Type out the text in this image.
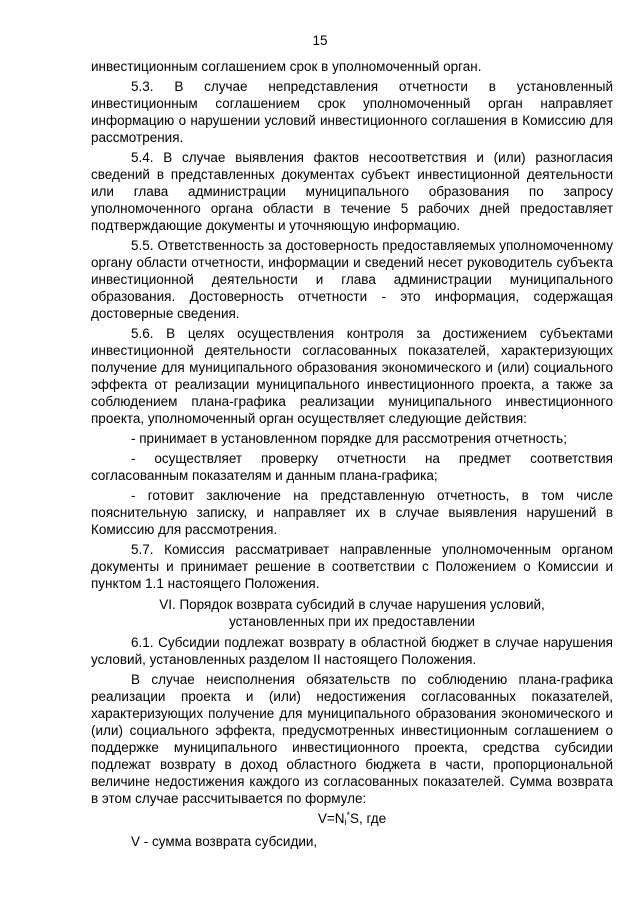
15

инвестиционным соглашением срок в уполномоченный орган.

5.3. В случае непредставления отчетности в установленный инвестиционным соглашением срок уполномоченный орган направляет информацию о нарушении условий инвестиционного соглашения в Комиссию для рассмотрения.

5.4. В случае выявления фактов несоответствия и (или) разногласия сведений в представленных документах субъект инвестиционной деятельности или глава администрации муниципального образования по запросу уполномоченного органа области в течение 5 рабочих дней предоставляет подтверждающие документы и уточняющую информацию.

5.5. Ответственность за достоверность предоставляемых уполномоченному органу области отчетности, информации и сведений несет руководитель субъекта инвестиционной деятельности и глава администрации муниципального образования. Достоверность отчетности - это информация, содержащая достоверные сведения.

5.6. В целях осуществления контроля за достижением субъектами инвестиционной деятельности согласованных показателей, характеризующих получение для муниципального образования экономического и (или) социального эффекта от реализации муниципального инвестиционного проекта, а также за соблюдением плана-графика реализации муниципального инвестиционного проекта, уполномоченный орган осуществляет следующие действия:

- принимает в установленном порядке для рассмотрения отчетность;

- осуществляет проверку отчетности на предмет соответствия согласованным показателям и данным плана-графика;

- готовит заключение на представленную отчетность, в том числе пояснительную записку, и направляет их в случае выявления нарушений в Комиссию для рассмотрения.

5.7. Комиссия рассматривает направленные уполномоченным органом документы и принимает решение в соответствии с Положением о Комиссии и пунктом 1.1 настоящего Положения.

VI. Порядок возврата субсидий в случае нарушения условий,
установленных при их предоставлении

6.1. Субсидии подлежат возврату в областной бюджет в случае нарушения условий, установленных разделом II настоящего Положения.

В случае неисполнения обязательств по соблюдению плана-графика реализации проекта и (или) недостижения согласованных показателей, характеризующих получение для муниципального образования экономического и (или) социального эффекта, предусмотренных инвестиционным соглашением о поддержке муниципального инвестиционного проекта, средства субсидии подлежат возврату в доход областного бюджета в части, пропорциональной величине недостижения каждого из согласованных показателей. Сумма возврата в этом случае рассчитывается по формуле:

$V=N_i^*S$, где

V - сумма возврата субсидии,
